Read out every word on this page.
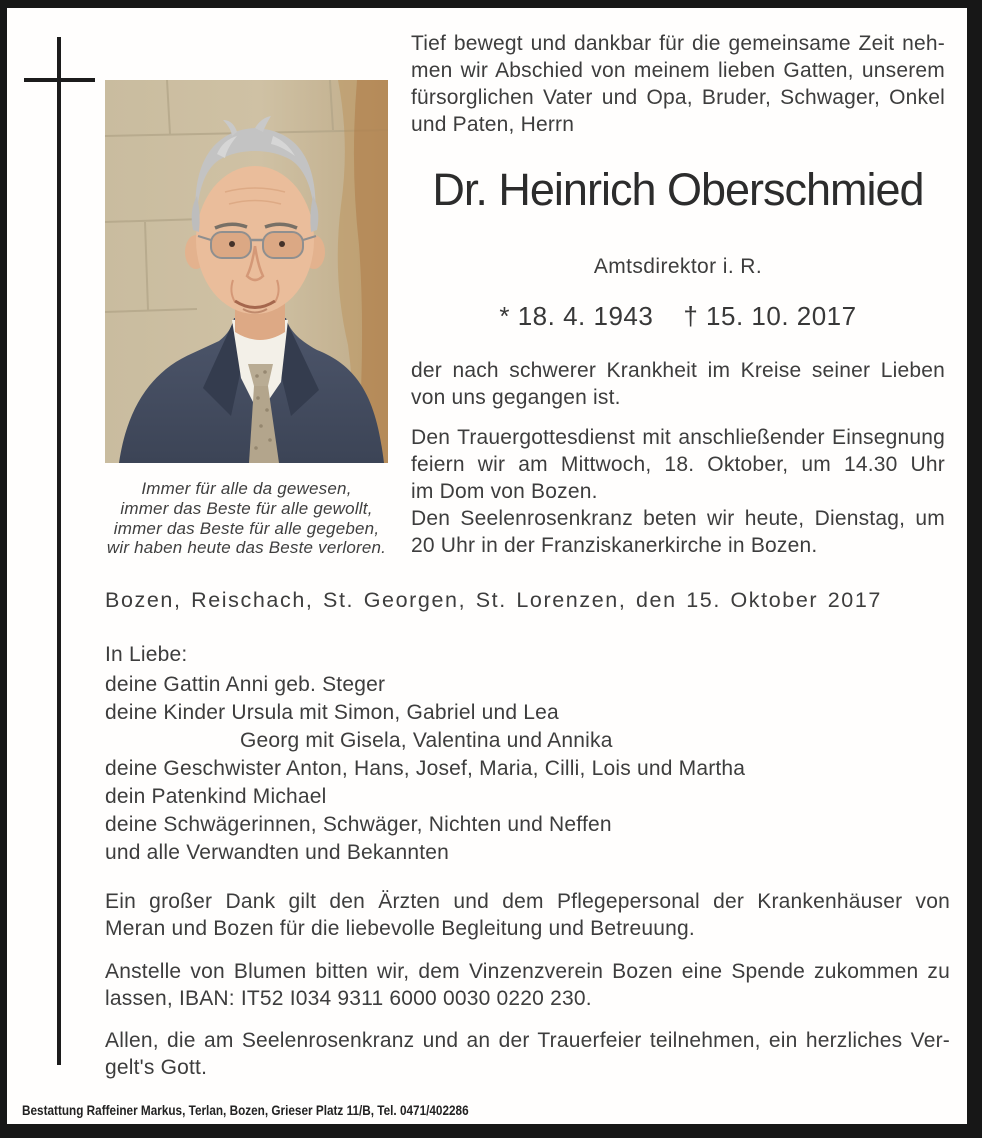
Immer für alle da gewesen,
immer das Beste für alle gewollt,
immer das Beste für alle gegeben,
wir haben heute das Beste verloren.
Tief bewegt und dankbar für die gemeinsame Zeit neh-
men wir Abschied von meinem lieben Gatten, unserem
fürsorglichen Vater und Opa, Bruder, Schwager, Onkel
und Paten, Herrn
Dr. Heinrich Oberschmied
Amtsdirektor i. R.
* 18. 4. 1943 † 15. 10. 2017
der nach schwerer Krankheit im Kreise seiner Lieben
von uns gegangen ist.
Den Trauergottesdienst mit anschließender Einsegnung
feiern wir am Mittwoch, 18. Oktober, um 14.30 Uhr
im Dom von Bozen.
Den Seelenrosenkranz beten wir heute, Dienstag, um
20 Uhr in der Franziskanerkirche in Bozen.
Bozen, Reischach, St. Georgen, St. Lorenzen, den 15. Oktober 2017
In Liebe:
deine Gattin Anni geb. Steger
deine Kinder Ursula mit Simon, Gabriel und Lea
Georg mit Gisela, Valentina und Annika
deine Geschwister Anton, Hans, Josef, Maria, Cilli, Lois und Martha
dein Patenkind Michael
deine Schwägerinnen, Schwäger, Nichten und Neffen
und alle Verwandten und Bekannten
Ein großer Dank gilt den Ärzten und dem Pflegepersonal der Krankenhäuser von
Meran und Bozen für die liebevolle Begleitung und Betreuung.
Anstelle von Blumen bitten wir, dem Vinzenzverein Bozen eine Spende zukommen zu
lassen, IBAN: IT52 I034 9311 6000 0030 0220 230.
Allen, die am Seelenrosenkranz und an der Trauerfeier teilnehmen, ein herzliches Ver-
gelt's Gott.
Bestattung Raffeiner Markus, Terlan, Bozen, Grieser Platz 11/B, Tel. 0471/402286
